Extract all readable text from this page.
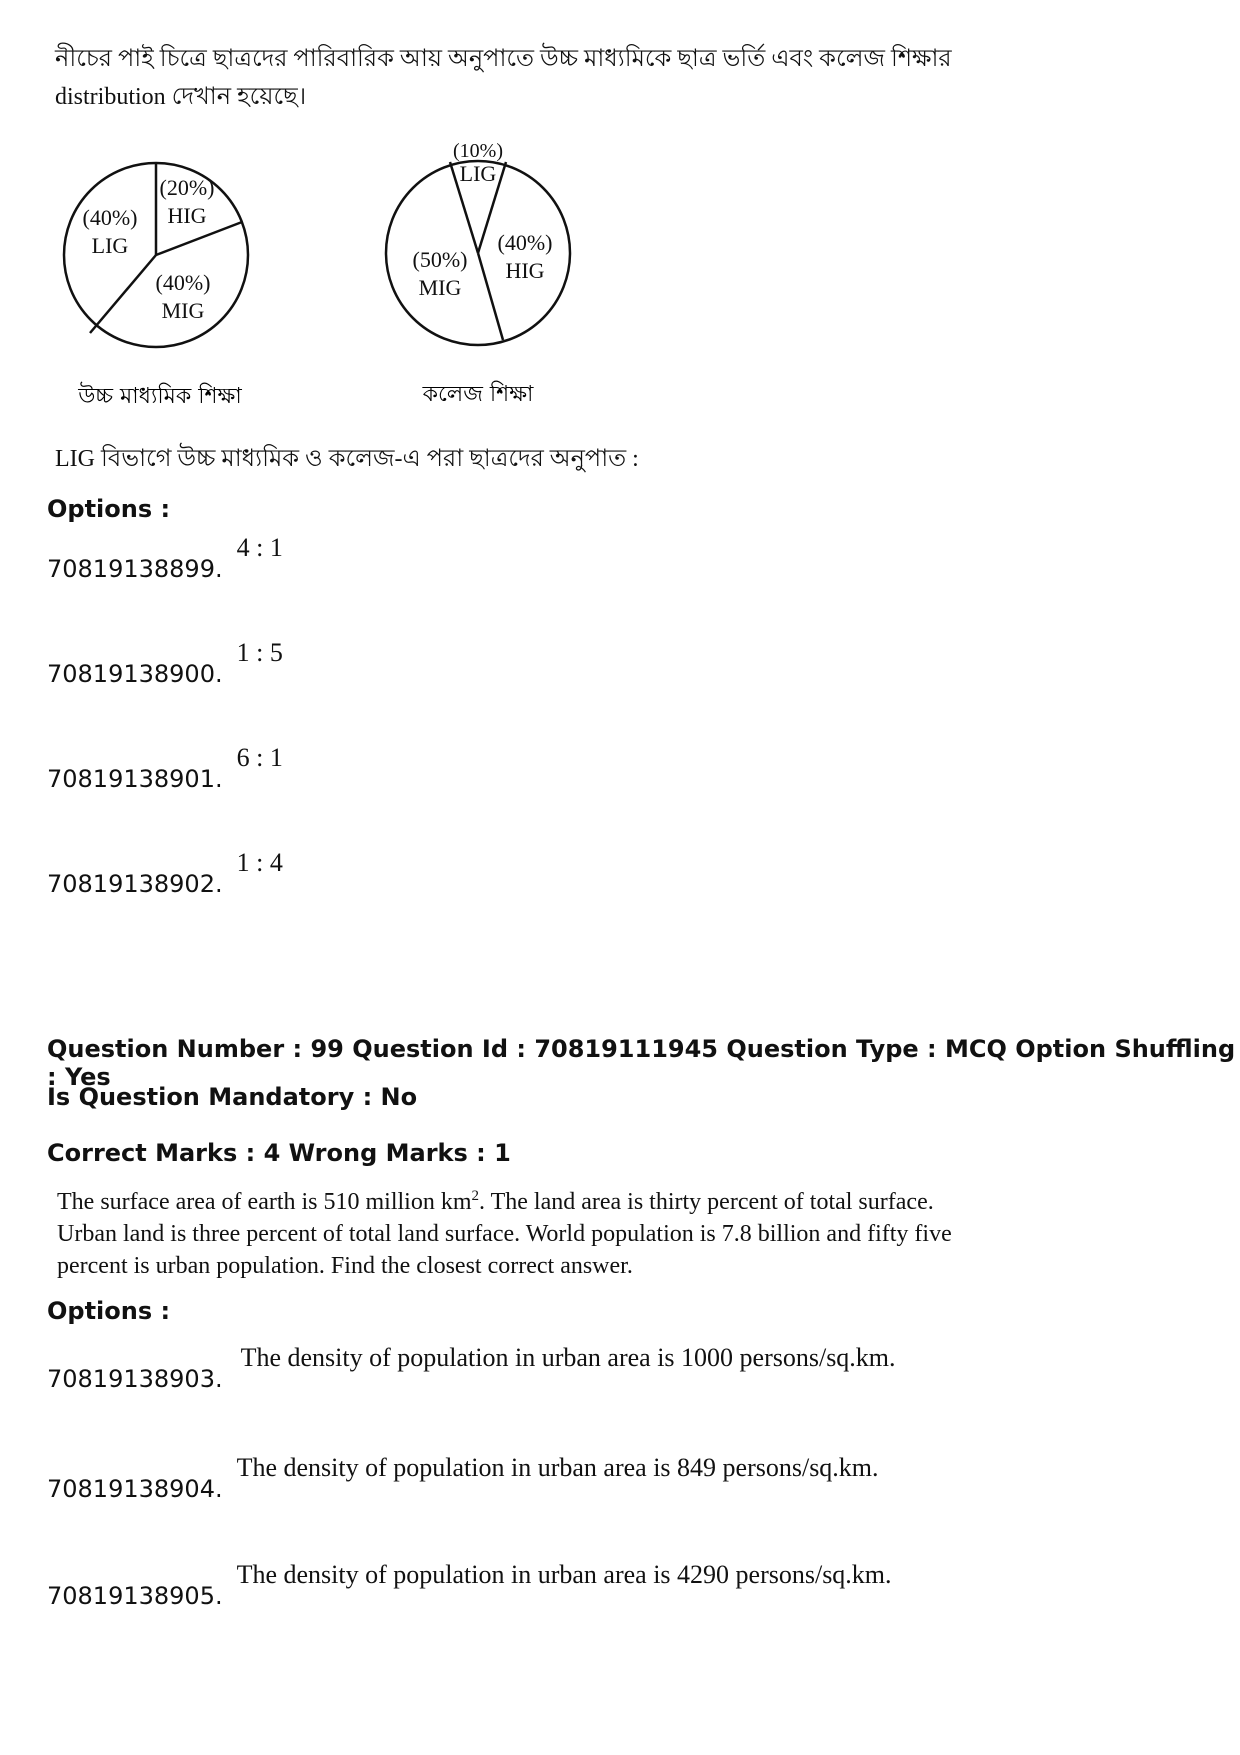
নীচের পাই চিত্রে ছাত্রদের পারিবারিক আয় অনুপাতে উচ্চ মাধ্যমিকে ছাত্র ভর্তি এবং কলেজ শিক্ষার distribution দেখান হয়েছে।
(40%)
LIG
(20%)
HIG
(40%)
MIG
উচ্চ মাধ্যমিক শিক্ষা
(10%)
LIG
(40%)
HIG
(50%)
MIG
কলেজ শিক্ষা
LIG বিভাগে উচ্চ মাধ্যমিক ও কলেজ-এ পরা ছাত্রদের অনুপাত :
Options :
70819138899.
4 : 1
70819138900.
1 : 5
70819138901.
6 : 1
70819138902.
1 : 4
Question Number : 99 Question Id : 70819111945 Question Type : MCQ Option Shuffling : Yes
Is Question Mandatory : No
Correct Marks : 4 Wrong Marks : 1
The surface area of earth is 510 million $km^2$. The land area is thirty percent of total surface.
Urban land is three percent of total land surface. World population is 7.8 billion and fifty five
percent is urban population. Find the closest correct answer.
Options :
70819138903.
The density of population in urban area is 1000 persons/sq.km.
70819138904.
The density of population in urban area is 849 persons/sq.km.
70819138905.
The density of population in urban area is 4290 persons/sq.km.
